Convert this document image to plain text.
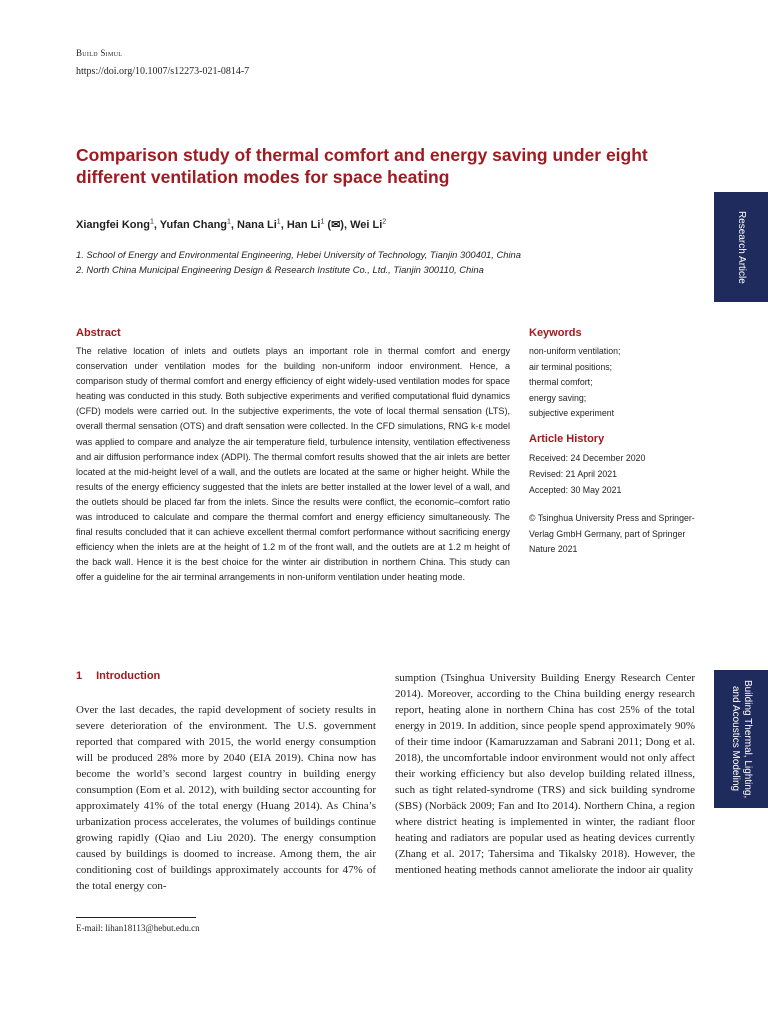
Build Simul
https://doi.org/10.1007/s12273-021-0814-7
Comparison study of thermal comfort and energy saving under eight different ventilation modes for space heating
Xiangfei Kong$^1$, Yufan Chang$^1$, Nana Li$^1$, Han Li$^1$ (✉), Wei Li$^2$
1. School of Energy and Environmental Engineering, Hebei University of Technology, Tianjin 300401, China
2. North China Municipal Engineering Design & Research Institute Co., Ltd., Tianjin 300110, China	Research Article
Building Thermal, Lighting,
and Acoustics Modeling
Abstract

The relative location of inlets and outlets plays an important role in thermal comfort and energy conservation under ventilation modes for the building non-uniform indoor environment. Hence, a comparison study of thermal comfort and energy efficiency of eight widely-used ventilation modes for space heating was conducted in this study. Both subjective experiments and verified computational fluid dynamics (CFD) models were carried out. In the subjective experiments, the vote of local thermal sensation (LTS), overall thermal sensation (OTS) and draft sensation were collected. In the CFD simulations, RNG k-ε model was applied to compare and analyze the air temperature field, turbulence intensity, ventilation effectiveness and air diffusion performance index (ADPI). The thermal comfort results showed that the air inlets are better located at the mid-height level of a wall, and the outlets are located at the same or higher height. While the results of the energy efficiency suggested that the inlets are better installed at the lower level of a wall, and the outlets should be placed far from the inlets. Since the results were conflict, the economic–comfort ratio was introduced to calculate and compare the thermal comfort and energy efficiency simultaneously. The final results concluded that it can achieve excellent thermal comfort performance without sacrificing energy efficiency when the inlets are at the height of 1.2 m of the front wall, and the outlets are at 1.2 m height of the back wall. Hence it is the best choice for the winter air distribution in northern China. This study can offer a guideline for the air terminal arrangements in non-uniform ventilation under heating mode.

Keywords
non-uniform ventilation;
air terminal positions;
thermal comfort;
energy saving;
subjective experiment
Article History
Received: 24 December 2020
Revised: 21 April 2021
Accepted: 30 May 2021

© Tsinghua University Press and Springer-Verlag GmbH Germany, part of Springer Nature 2021

1 Introduction

Over the last decades, the rapid development of society results in severe deterioration of the environment. The U.S. government reported that compared with 2015, the world energy consumption will be produced 28% more by 2040 (EIA 2019). China now has become the world’s second largest country in building energy consumption (Eom et al. 2012), with building sector accounting for approximately 41% of the total energy (Huang 2014). As China’s urbanization process accelerates, the volumes of buildings continue growing rapidly (Qiao and Liu 2020). The energy consumption caused by buildings is doomed to increase. Among them, the air conditioning cost of buildings approximately accounts for 47% of the total energy con-

sumption (Tsinghua University Building Energy Research Center 2014). Moreover, according to the China building energy research report, heating alone in northern China has cost 25% of the total energy in 2019. In addition, since people spend approximately 90% of their time indoor (Kamaruzzaman and Sabrani 2011; Dong et al. 2018), the uncomfortable indoor environment would not only affect their working efficiency but also develop building related illness, such as tight related-syndrome (TRS) and sick building syndrome (SBS) (Norbäck 2009; Fan and Ito 2014). Northern China, a region where district heating is implemented in winter, the radiant floor heating and radiators are popular used as heating devices currently (Zhang et al. 2017; Tahersima and Tikalsky 2018). However, the mentioned heating methods cannot ameliorate the indoor air quality

E-mail: lihan18113@hebut.edu.cn
